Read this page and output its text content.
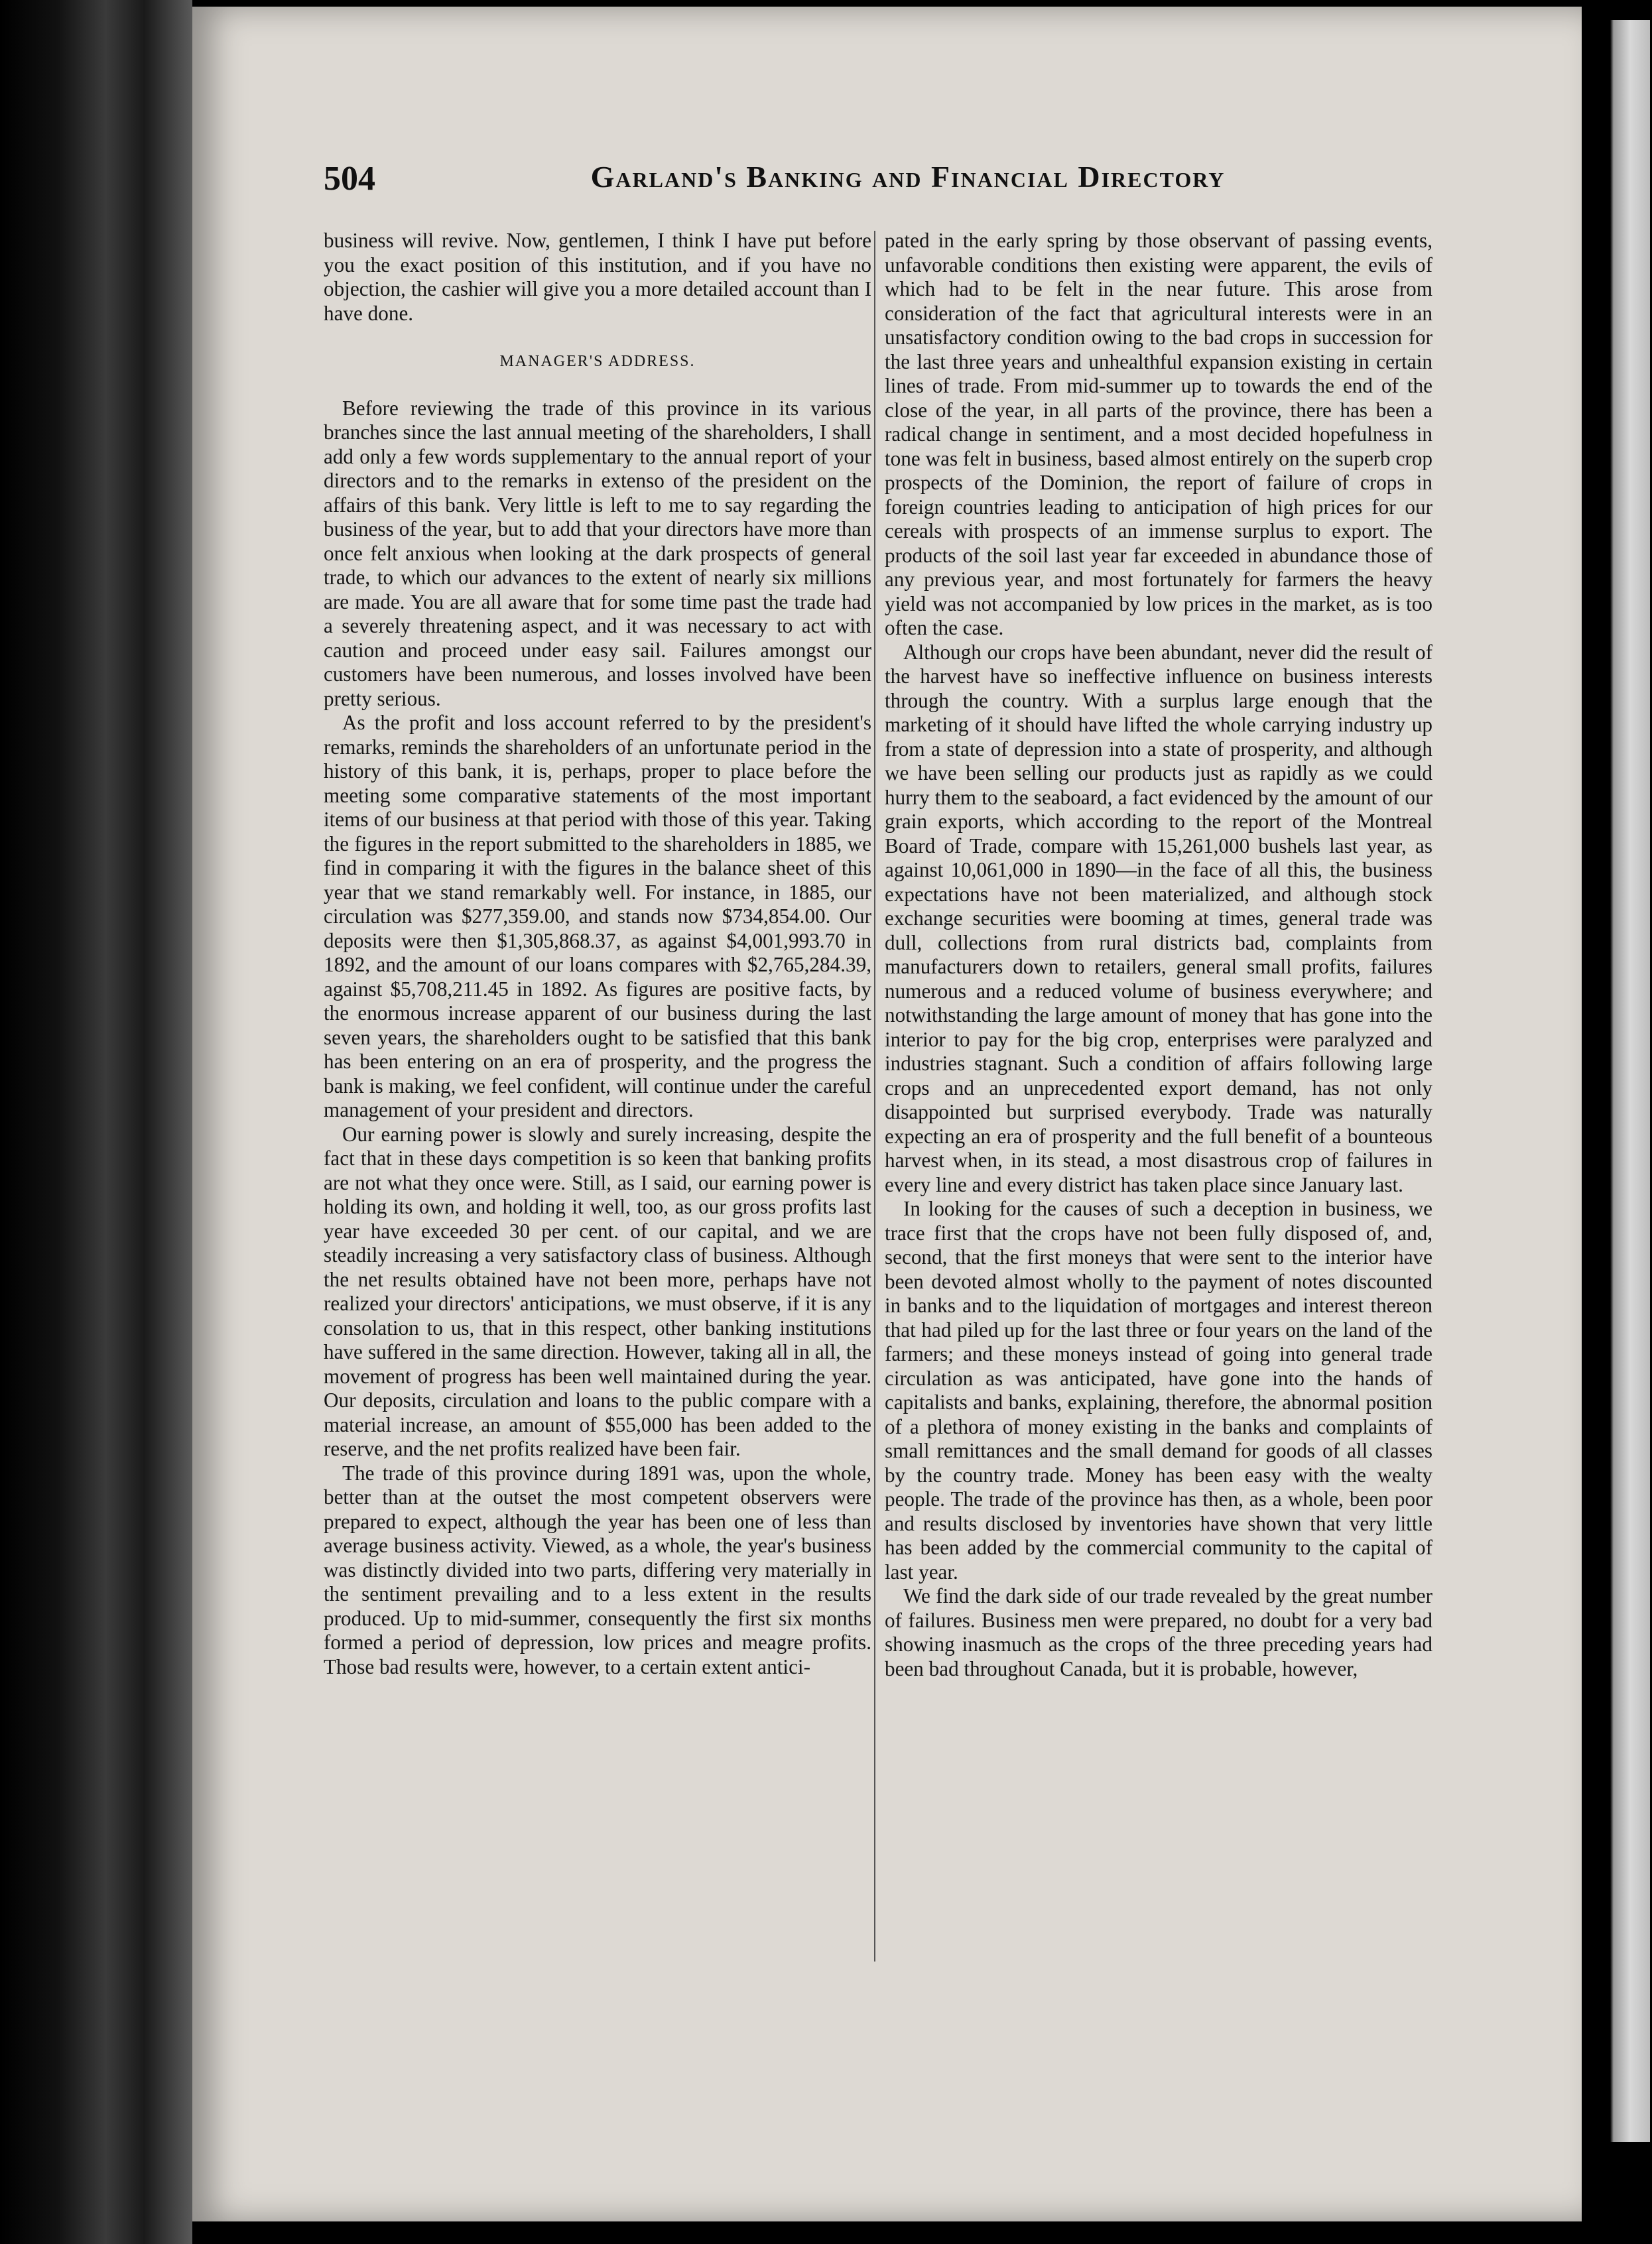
504	Garland's Banking and Financial Directory

business will revive. Now, gentlemen, I think I have put before you the exact position of this institution, and if you have no objection, the cashier will give you a more detailed account than I have done.

MANAGER'S ADDRESS.

Before reviewing the trade of this province in its various branches since the last annual meeting of the shareholders, I shall add only a few words supplementary to the annual report of your directors and to the remarks in extenso of the president on the affairs of this bank. Very little is left to me to say regarding the business of the year, but to add that your directors have more than once felt anxious when looking at the dark prospects of general trade, to which our advances to the extent of nearly six millions are made. You are all aware that for some time past the trade had a severely threatening aspect, and it was necessary to act with caution and proceed under easy sail. Failures amongst our customers have been numerous, and losses involved have been pretty serious.

As the profit and loss account referred to by the president's remarks, reminds the shareholders of an unfortunate period in the history of this bank, it is, perhaps, proper to place before the meeting some comparative statements of the most important items of our business at that period with those of this year. Taking the figures in the report submitted to the shareholders in 1885, we find in comparing it with the figures in the balance sheet of this year that we stand remarkably well. For instance, in 1885, our circulation was $277,359.00, and stands now $734,854.00. Our deposits were then $1,305,868.37, as against $4,001,993.70 in 1892, and the amount of our loans compares with $2,765,284.39, against $5,708,211.45 in 1892. As figures are positive facts, by the enormous increase apparent of our business during the last seven years, the shareholders ought to be satisfied that this bank has been entering on an era of prosperity, and the progress the bank is making, we feel confident, will continue under the careful management of your president and directors.

Our earning power is slowly and surely increasing, despite the fact that in these days competition is so keen that banking profits are not what they once were. Still, as I said, our earning power is holding its own, and holding it well, too, as our gross profits last year have exceeded 30 per cent. of our capital, and we are steadily increasing a very satisfactory class of business. Although the net results obtained have not been more, perhaps have not realized your directors' anticipations, we must observe, if it is any consolation to us, that in this respect, other banking institutions have suffered in the same direction. However, taking all in all, the movement of progress has been well maintained during the year. Our deposits, circulation and loans to the public compare with a material increase, an amount of $55,000 has been added to the reserve, and the net profits realized have been fair.

The trade of this province during 1891 was, upon the whole, better than at the outset the most competent observers were prepared to expect, although the year has been one of less than average business activity. Viewed, as a whole, the year's business was distinctly divided into two parts, differing very materially in the sentiment prevailing and to a less extent in the results produced. Up to mid-summer, consequently the first six months formed a period of depression, low prices and meagre profits. Those bad results were, however, to a certain extent antici-

pated in the early spring by those observant of passing events, unfavorable conditions then existing were apparent, the evils of which had to be felt in the near future. This arose from consideration of the fact that agricultural interests were in an unsatisfactory condition owing to the bad crops in succession for the last three years and unhealthful expansion existing in certain lines of trade. From mid-summer up to towards the end of the close of the year, in all parts of the province, there has been a radical change in sentiment, and a most decided hopefulness in tone was felt in business, based almost entirely on the superb crop prospects of the Dominion, the report of failure of crops in foreign countries leading to anticipation of high prices for our cereals with prospects of an immense surplus to export. The products of the soil last year far exceeded in abundance those of any previous year, and most fortunately for farmers the heavy yield was not accompanied by low prices in the market, as is too often the case.

Although our crops have been abundant, never did the result of the harvest have so ineffective influence on business interests through the country. With a surplus large enough that the marketing of it should have lifted the whole carrying industry up from a state of depression into a state of prosperity, and although we have been selling our products just as rapidly as we could hurry them to the seaboard, a fact evidenced by the amount of our grain exports, which according to the report of the Montreal Board of Trade, compare with 15,261,000 bushels last year, as against 10,061,000 in 1890—in the face of all this, the business expectations have not been materialized, and although stock exchange securities were booming at times, general trade was dull, collections from rural districts bad, complaints from manufacturers down to retailers, general small profits, failures numerous and a reduced volume of business everywhere; and notwithstanding the large amount of money that has gone into the interior to pay for the big crop, enterprises were paralyzed and industries stagnant. Such a condition of affairs following large crops and an unprecedented export demand, has not only disappointed but surprised everybody. Trade was naturally expecting an era of prosperity and the full benefit of a bounteous harvest when, in its stead, a most disastrous crop of failures in every line and every district has taken place since January last.

In looking for the causes of such a deception in business, we trace first that the crops have not been fully disposed of, and, second, that the first moneys that were sent to the interior have been devoted almost wholly to the payment of notes discounted in banks and to the liquidation of mortgages and interest thereon that had piled up for the last three or four years on the land of the farmers; and these moneys instead of going into general trade circulation as was anticipated, have gone into the hands of capitalists and banks, explaining, therefore, the abnormal position of a plethora of money existing in the banks and complaints of small remittances and the small demand for goods of all classes by the country trade. Money has been easy with the wealty people. The trade of the province has then, as a whole, been poor and results disclosed by inventories have shown that very little has been added by the commercial community to the capital of last year.

We find the dark side of our trade revealed by the great number of failures. Business men were prepared, no doubt for a very bad showing inasmuch as the crops of the three preceding years had been bad throughout Canada, but it is probable, however,
